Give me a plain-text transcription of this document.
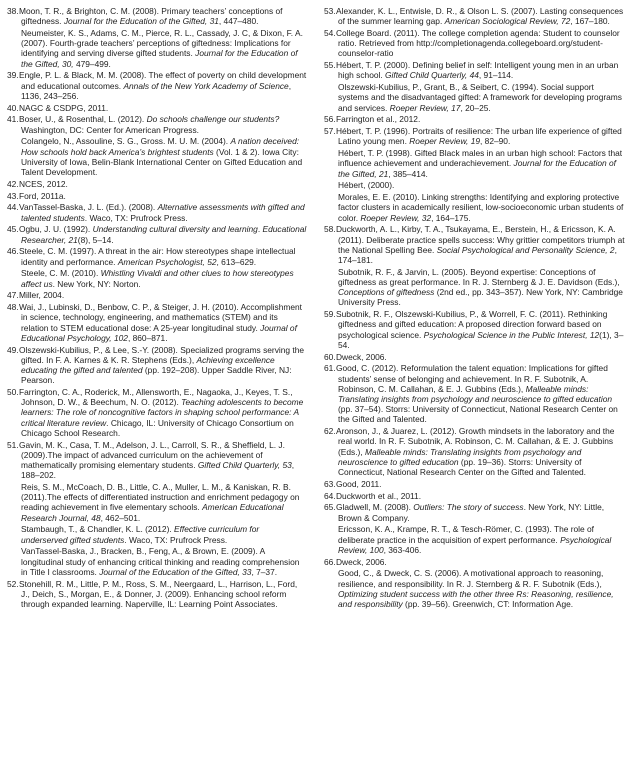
38.Moon, T. R., & Brighton, C. M. (2008). Primary teachers’ conceptions of giftedness. Journal for the Education of the Gifted, 31, 447–480.
Neumeister, K. S., Adams, C. M., Pierce, R. L., Cassady, J. C, & Dixon, F. A. (2007). Fourth-grade teachers’ perceptions of giftedness: Implications for identifying and serving diverse gifted students. Journal for the Education of the Gifted, 30, 479–499.
39.Engle, P. L. & Black, M. M. (2008). The effect of poverty on child development and educational outcomes. Annals of the New York Academy of Science, 1136, 243–256.
40.NAGC & CSDPG, 2011.
41.Boser, U., & Rosenthal, L. (2012). Do schools challenge our students? Washington, DC: Center for American Progress.
Colangelo, N., Assouline, S. G., Gross. M. U. M. (2004). A nation deceived: How schools hold back America’s brightest students (Vol. 1 & 2). Iowa City: University of Iowa, Belin-Blank International Center on Gifted Education and Talent Development.
42.NCES, 2012.
43.Ford, 2011a.
44.VanTassel-Baska, J. L. (Ed.). (2008). Alternative assessments with gifted and talented students. Waco, TX: Prufrock Press.
45.Ogbu, J. U. (1992). Understanding cultural diversity and learning. Educational Researcher, 21(8), 5–14.
46.Steele, C. M. (1997). A threat in the air: How stereotypes shape intellectual identity and performance. American Psychologist, 52, 613–629.
Steele, C. M. (2010). Whistling Vivaldi and other clues to how stereotypes affect us. New York, NY: Norton.
47.Miller, 2004.
48.Wai, J., Lubinski, D., Benbow, C. P., & Steiger, J. H. (2010). Accomplishment in science, technology, engineering, and mathematics (STEM) and its relation to STEM educational dose: A 25-year longitudinal study. Journal of Educational Psychology, 102, 860–871.
49.Olszewski-Kubilius, P., & Lee, S.-Y. (2008). Specialized programs serving the gifted. In F. A. Karnes & K. R. Stephens (Eds.), Achieving excellence educating the gifted and talented (pp. 192–208). Upper Saddle River, NJ: Pearson.
50.Farrington, C. A., Roderick, M., Allensworth, E., Nagaoka, J., Keyes, T. S., Johnson, D. W., & Beechum, N. O. (2012). Teaching adolescents to become learners: The role of noncognitive factors in shaping school performance: A critical literature review. Chicago, IL: University of Chicago Consortium on Chicago School Research.
51.Gavin, M. K., Casa, T. M., Adelson, J. L., Carroll, S. R., & Sheffield, L. J. (2009).The impact of advanced curriculum on the achievement of mathematically promising elementary students. Gifted Child Quarterly, 53, 188–202.
Reis, S. M., McCoach, D. B., Little, C. A., Muller, L. M., & Kaniskan, R. B. (2011).The effects of differentiated instruction and enrichment pedagogy on reading achievement in five elementary schools. American Educational Research Journal, 48, 462–501.
Stambaugh, T., & Chandler, K. L. (2012). Effective curriculum for underserved gifted students. Waco, TX: Prufrock Press.
VanTassel-Baska, J., Bracken, B., Feng, A., & Brown, E. (2009). A longitudinal study of enhancing critical thinking and reading comprehension in Title I classrooms. Journal of the Education of the Gifted, 33, 7–37.
52.Stonehill, R. M., Little, P. M., Ross, S. M., Neergaard, L., Harrison, L., Ford, J., Deich, S., Morgan, E., & Donner, J. (2009). Enhancing school reform through expanded learning. Naperville, IL: Learning Point Associates.
53.Alexander, K. L., Entwisle, D. R., & Olson L. S. (2007). Lasting consequences of the summer learning gap. American Sociological Review, 72, 167–180.
54.College Board. (2011). The college completion agenda: Student to counselor ratio. Retrieved from http://completionagenda.collegeboard.org/student-counselor-ratio
55.Hébert, T. P. (2000). Defining belief in self: Intelligent young men in an urban high school. Gifted Child Quarterly, 44, 91–114.
Olszewski-Kubilius, P., Grant, B., & Seibert, C. (1994). Social support systems and the disadvantaged gifted: A framework for developing programs and services. Roeper Review, 17, 20–25.
56.Farrington et al., 2012.
57.Hébert, T. P. (1996). Portraits of resilience: The urban life experience of gifted Latino young men. Roeper Review, 19, 82–90.
Hébert, T. P. (1998). Gifted Black males in an urban high school: Factors that influence achievement and underachievement. Journal for the Education of the Gifted, 21, 385–414.
Hébert, (2000).
Morales, E. E. (2010). Linking strengths: Identifying and exploring protective factor clusters in academically resilient, low-socioeconomic urban students of color. Roeper Review, 32, 164–175.
58.Duckworth, A. L., Kirby, T. A., Tsukayama, E., Berstein, H., & Ericsson, K. A. (2011). Deliberate practice spells success: Why grittier competitors triumph at the National Spelling Bee. Social Psychological and Personality Science, 2, 174–181.
Subotnik, R. F., & Jarvin, L. (2005). Beyond expertise: Conceptions of giftedness as great performance. In R. J. Sternberg & J. E. Davidson (Eds.), Conceptions of giftedness (2nd ed., pp. 343–357). New York, NY: Cambridge University Press.
59.Subotnik, R. F., Olszewski-Kubilius, P., & Worrell, F. C. (2011). Rethinking giftedness and gifted education: A proposed direction forward based on psychological science. Psychological Science in the Public Interest, 12(1), 3–54.
60.Dweck, 2006.
61.Good, C. (2012). Reformulation the talent equation: Implications for gifted students’ sense of belonging and achievement. In R. F. Subotnik, A. Robinson, C. M. Callahan, & E. J. Gubbins (Eds.), Malleable minds: Translating insights from psychology and neuroscience to gifted education (pp. 37–54). Storrs: University of Connecticut, National Research Center on the Gifted and Talented.
62.Aronson, J., & Juarez, L. (2012). Growth mindsets in the laboratory and the real world. In R. F. Subotnik, A. Robinson, C. M. Callahan, & E. J. Gubbins (Eds.), Malleable minds: Translating insights from psychology and neuroscience to gifted education (pp. 19–36). Storrs: University of Connecticut, National Research Center on the Gifted and Talented.
63.Good, 2011.
64.Duckworth et al., 2011.
65.Gladwell, M. (2008). Outliers: The story of success. New York, NY: Little, Brown & Company.
Ericsson, K. A., Krampe, R. T., & Tesch-Römer, C. (1993). The role of deliberate practice in the acquisition of expert performance. Psychological Review, 100, 363-406.
66.Dweck, 2006.
Good, C., & Dweck, C. S. (2006). A motivational approach to reasoning, resilience, and responsibility. In R. J. Sternberg & R. F. Subotnik (Eds.), Optimizing student success with the other three Rs: Reasoning, resilience, and responsibility (pp. 39–56). Greenwich, CT: Information Age.
